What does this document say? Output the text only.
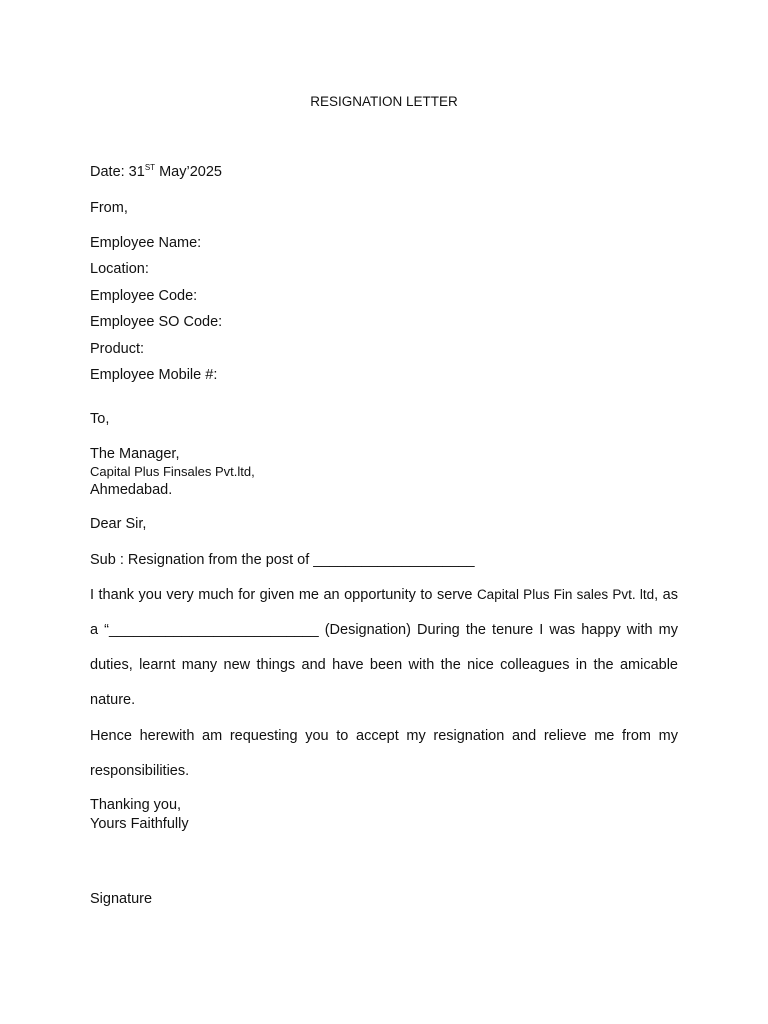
RESIGNATION LETTER
Date: 31ST May’2025
From,
Employee Name:
Location:
Employee Code:
Employee SO Code:
Product:
Employee Mobile #:
To,
The Manager,
Capital Plus Finsales Pvt.ltd,
Ahmedabad.
Dear Sir,
Sub : Resignation from the post of ____________________
I thank you very much for given me an opportunity to serve Capital Plus Fin sales Pvt. ltd, as
a “__________________________ (Designation) During the tenure I was happy with my
duties, learnt many new things and have been with the nice colleagues in the amicable
nature.
Hence herewith am requesting you to accept my resignation and relieve me from my
responsibilities.
Thanking you,
Yours Faithfully
Signature
